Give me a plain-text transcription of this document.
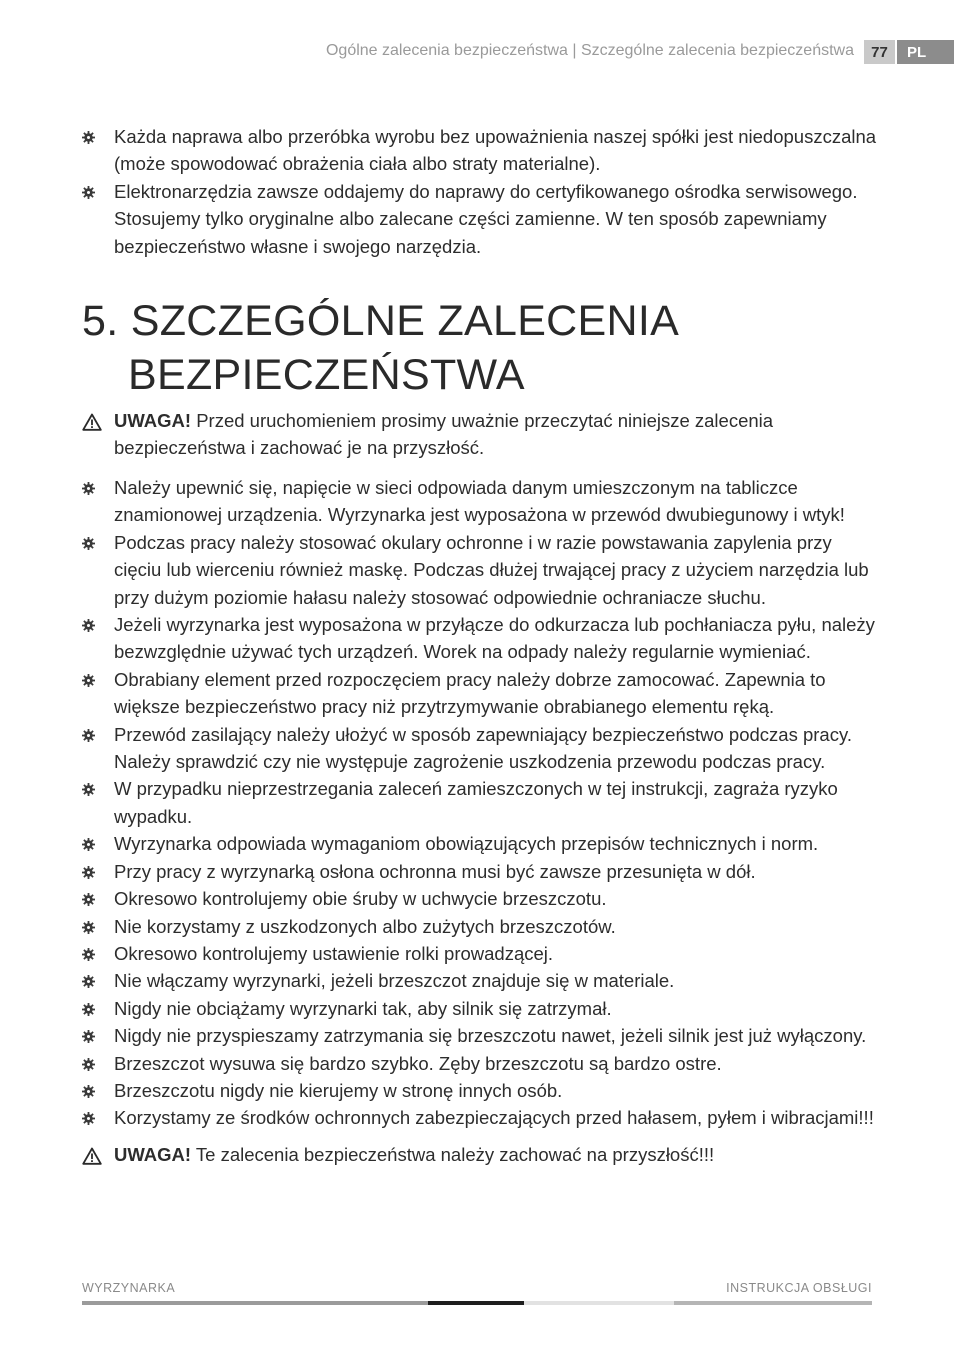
Ogólne zalecenia bezpieczeństwa | Szczególne zalecenia bezpieczeństwa	77	PL
Każda naprawa albo przeróbka wyrobu bez upoważnienia naszej spółki jest niedopuszczalna (może spowodować obrażenia ciała albo straty materialne).
Elektronarzędzia zawsze oddajemy do naprawy do certyfikowanego ośrodka serwisowego. Stosujemy tylko oryginalne albo zalecane części zamienne. W ten sposób zapewniamy bezpieczeństwo własne i swojego narzędzia.
5. SZCZEGÓLNE ZALECENIA
BEZPIECZEŃSTWA
UWAGA! Przed uruchomieniem prosimy uważnie przeczytać niniejsze zalecenia bezpieczeństwa i zachować je na przyszłość.
Należy upewnić się, napięcie w sieci odpowiada danym umieszczonym na tabliczce znamionowej urządzenia. Wyrzynarka jest wyposażona w przewód dwubiegunowy i wtyk!
Podczas pracy należy stosować okulary ochronne i w razie powstawania zapylenia przy cięciu lub wierceniu również maskę. Podczas dłużej trwającej pracy z użyciem narzędzia lub przy dużym poziomie hałasu należy stosować odpowiednie ochraniacze słuchu.
Jeżeli wyrzynarka jest wyposażona w przyłącze do odkurzacza lub pochłaniacza pyłu, należy bezwzględnie używać tych urządzeń. Worek na odpady należy regularnie wymieniać.
Obrabiany element przed rozpoczęciem pracy należy dobrze zamocować. Zapewnia to większe bezpieczeństwo pracy niż przytrzymywanie obrabianego elementu ręką.
Przewód zasilający należy ułożyć w sposób zapewniający bezpieczeństwo podczas pracy. Należy sprawdzić czy nie występuje zagrożenie uszkodzenia przewodu podczas pracy.
W przypadku nieprzestrzegania zaleceń zamieszczonych w tej instrukcji, zagraża ryzyko wypadku.
Wyrzynarka odpowiada wymaganiom obowiązujących przepisów technicznych i norm.
Przy pracy z wyrzynarką osłona ochronna musi być zawsze przesunięta w dół.
Okresowo kontrolujemy obie śruby w uchwycie brzeszczotu.
Nie korzystamy z uszkodzonych albo zużytych brzeszczotów.
Okresowo kontrolujemy ustawienie rolki prowadzącej.
Nie włączamy wyrzynarki, jeżeli brzeszczot znajduje się w materiale.
Nigdy nie obciążamy wyrzynarki tak, aby silnik się zatrzymał.
Nigdy nie przyspieszamy zatrzymania się brzeszczotu nawet, jeżeli silnik jest już wyłączony.
Brzeszczot wysuwa się bardzo szybko. Zęby brzeszczotu są bardzo ostre.
Brzeszczotu nigdy nie kierujemy w stronę innych osób.
Korzystamy ze środków ochronnych zabezpieczających przed hałasem, pyłem i wibracjami!!!
UWAGA! Te zalecenia bezpieczeństwa należy zachować na przyszłość!!!
WYRZYNARKA	INSTRUKCJA OBSŁUGI
